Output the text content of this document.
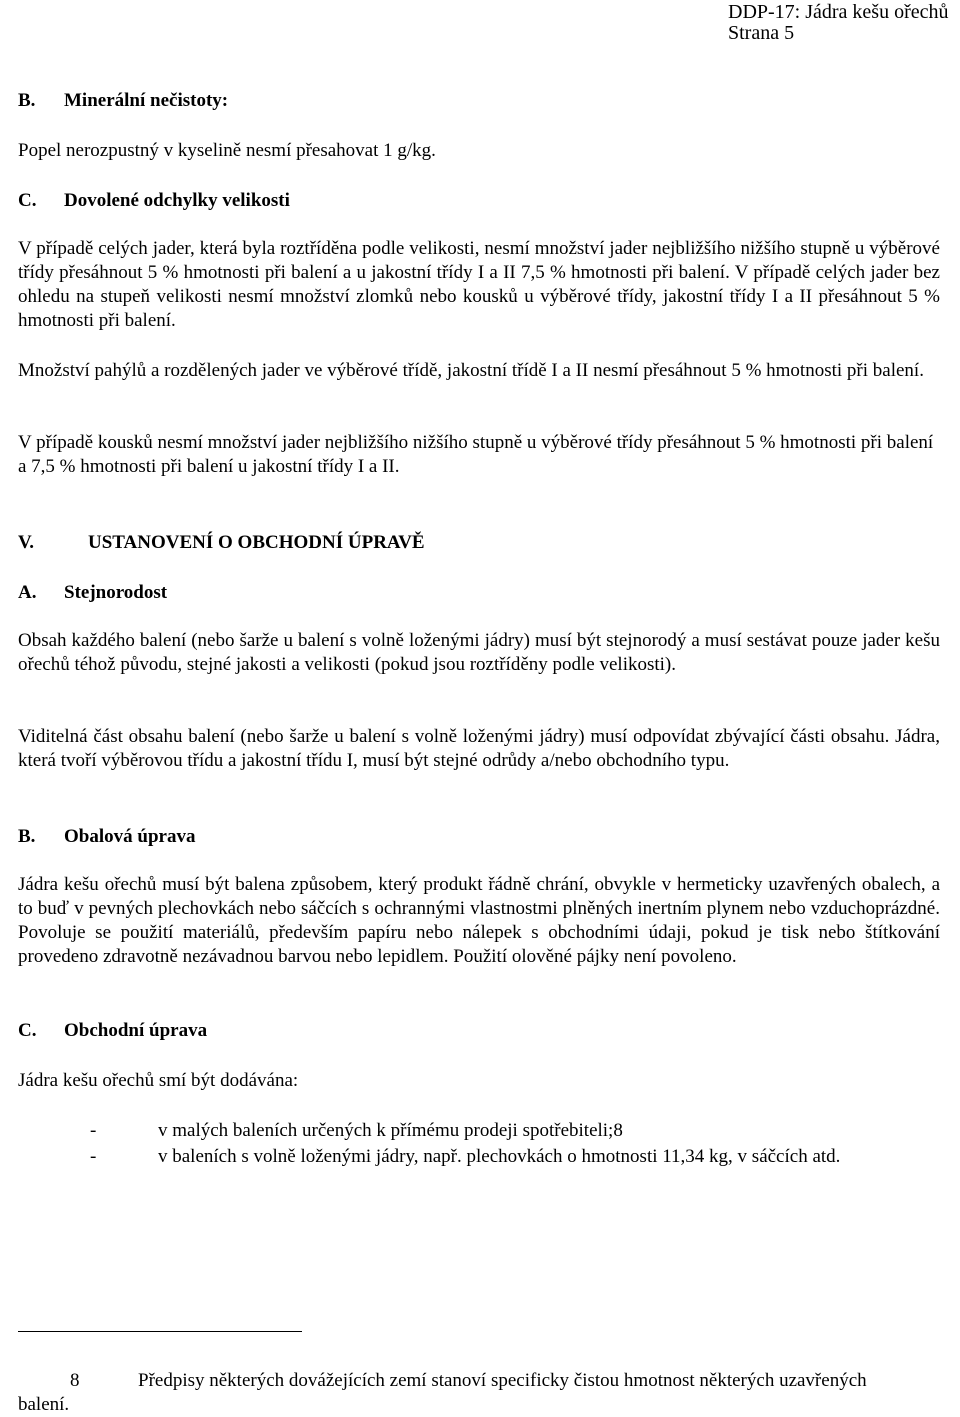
DDP-17: Jádra kešu ořechů
Strana 5
B. Minerální nečistoty:

Popel nerozpustný v kyselině nesmí přesahovat 1 g/kg.

C. Dovolené odchylky velikosti

V případě celých jader, která byla roztříděna podle velikosti, nesmí množství jader nejbližšího nižšího stupně u výběrové třídy přesáhnout 5 % hmotnosti při balení a u jakostní třídy I a II 7,5 % hmotnosti při balení. V případě celých jader bez ohledu na stupeň velikosti nesmí množství zlomků nebo kousků u výběrové třídy, jakostní třídy I a II přesáhnout 5 % hmotnosti při balení.

Množství pahýlů a rozdělených jader ve výběrové třídě, jakostní třídě I a II nesmí přesáhnout 5 % hmotnosti při balení.

V případě kousků nesmí množství jader nejbližšího nižšího stupně u výběrové třídy přesáhnout 5 % hmotnosti při balení a 7,5 % hmotnosti při balení u jakostní třídy I a II.

V.	USTANOVENÍ O OBCHODNÍ ÚPRAVĚ
A. Stejnorodost

Obsah každého balení (nebo šarže u balení s volně loženými jádry) musí být stejnorodý a musí sestávat pouze jader kešu ořechů téhož původu, stejné jakosti a velikosti (pokud jsou roztříděny podle velikosti).

Viditelná část obsahu balení (nebo šarže u balení s volně loženými jádry) musí odpovídat zbývající části obsahu. Jádra, která tvoří výběrovou třídu a jakostní třídu I, musí být stejné odrůdy a/nebo obchodního typu.

B. Obalová úprava

Jádra kešu ořechů musí být balena způsobem, který produkt řádně chrání, obvykle v hermeticky uzavřených obalech, a to buď v pevných plechovkách nebo sáčcích s ochrannými vlastnostmi plněných inertním plynem nebo vzduchoprázdné. Povoluje se použití materiálů, především papíru nebo nálepek s obchodními údaji, pokud je tisk nebo štítkování provedeno zdravotně nezávadnou barvou nebo lepidlem. Použití olověné pájky není povoleno.

C. Obchodní úprava

Jádra kešu ořechů smí být dodávána:

-	v malých baleních určených k přímému prodeji spotřebiteli;8
-	v baleních s volně loženými jádry, např. plechovkách o hmotnosti 11,34 kg, v sáčcích atd.
8	Předpisy některých dovážejících zemí stanoví specificky čistou hmotnost některých uzavřených balení.
